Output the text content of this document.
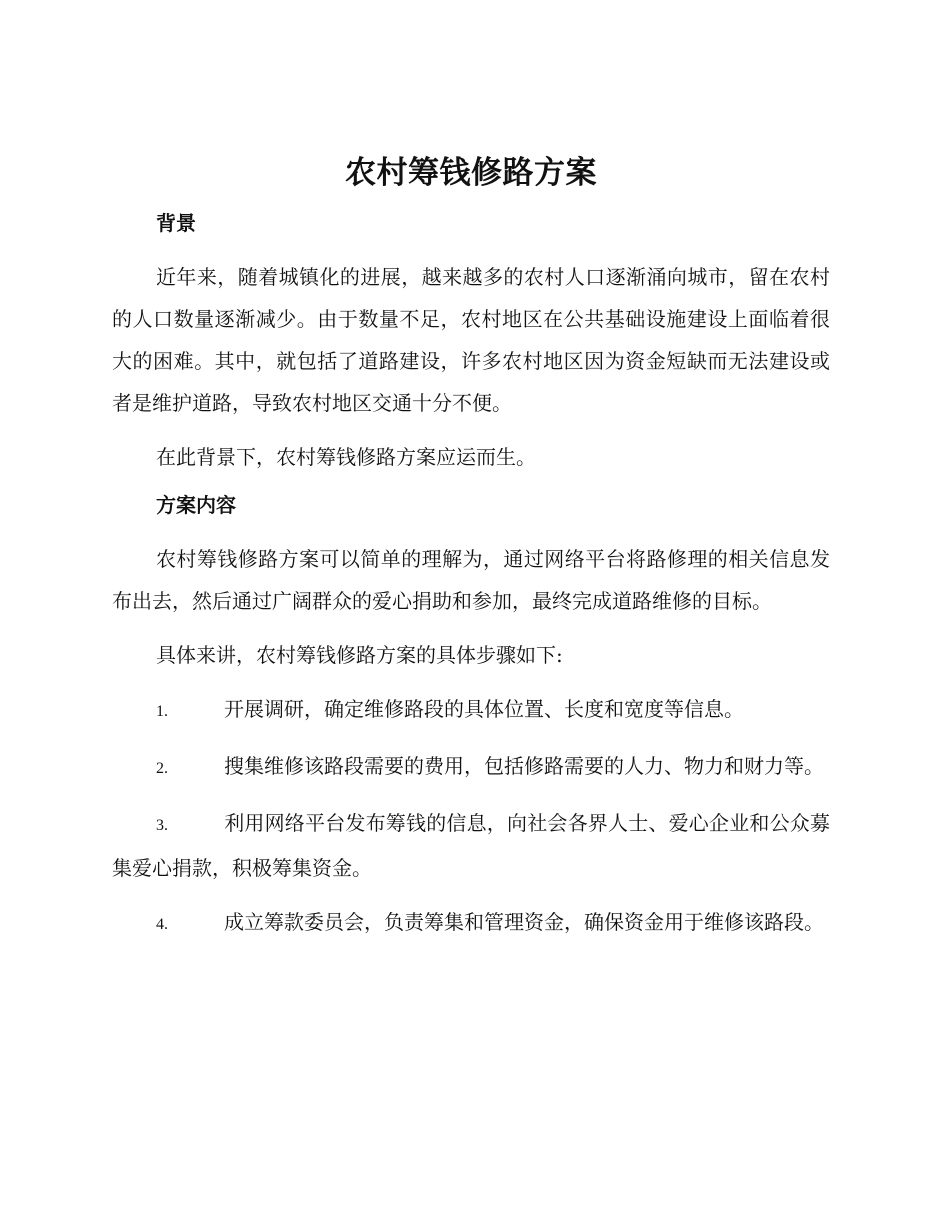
农村筹钱修路方案
背景

近年来，随着城镇化的进展，越来越多的农村人口逐渐涌向城市，留在农村的人口数量逐渐减少。由于数量不足，农村地区在公共基础设施建设上面临着很大的困难。其中，就包括了道路建设，许多农村地区因为资金短缺而无法建设或者是维护道路，导致农村地区交通十分不便。

在此背景下，农村筹钱修路方案应运而生。

方案内容

农村筹钱修路方案可以简单的理解为，通过网络平台将路修理的相关信息发布出去，然后通过广阔群众的爱心捐助和参加，最终完成道路维修的目标。

具体来讲，农村筹钱修路方案的具体步骤如下:

1.	开展调研，确定维修路段的具体位置、长度和宽度等信息。

2.	搜集维修该路段需要的费用，包括修路需要的人力、物力和财力等。

3.	利用网络平台发布筹钱的信息，向社会各界人士、爱心企业和公众募集爱心捐款，积极筹集资金。

4.	成立筹款委员会，负责筹集和管理资金，确保资金用于维修该路段。
